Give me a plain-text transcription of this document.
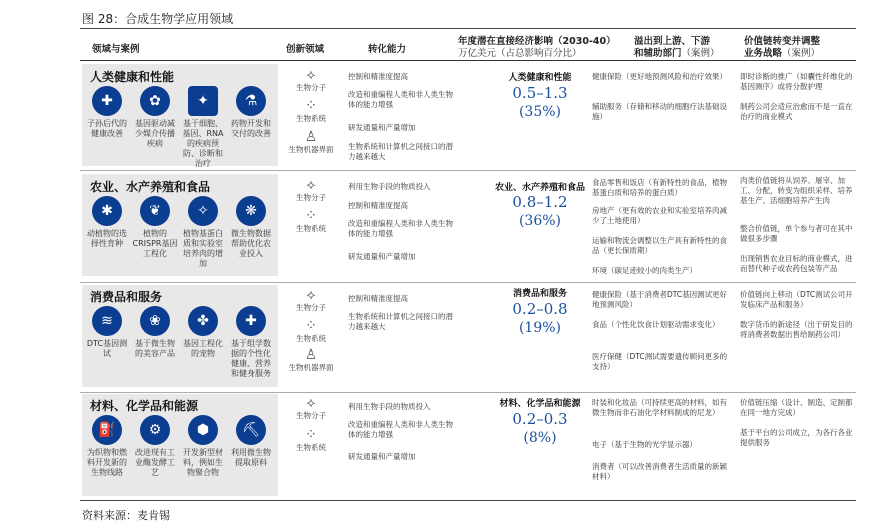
图 28：合成生物学应用领域
领域与案例	创新领域	转化能力
年度潜在直接经济影响（2030-40）
万亿美元（占总影响百分比）
溢出到上游、下游
和辅助部门（案例）
价值链转变并调整
业务战略（案例）
人类健康和性能
✚
子孙后代的健康改善
✿
基因驱动减少媒介传播疾病
✦
基于细胞、基因、RNA的疾病预防、诊断和治疗
⚗
药物开发和交付的改善
⟡
生物分子
⁘
生物系统
♙
生物机器界面
控制和精准度提高
改造和重编程人类和非人类生物体的能力增强
研发通量和产量增加
生物系统和计算机之间接口的潜力越来越大
人类健康和性能
0.5–1.3
(35%)
健康保险（更好地预测风险和治疗效果）
辅助服务（存储和移动的细胞疗法基础设施）
即时诊断的推广（如囊性纤维化的基因测序）或将分散护理
制药公司会适应治愈而不是一直在治疗的商业模式
农业、水产养殖和食品
✱
动植物的选择性育种
❦
植物的CRISPR基因工程化
✧
植物基蛋白质和实验室培养肉的增加
❋
微生物数据帮助优化农业投入
⟡
生物分子
⁘
生物系统
利用生物手段的物质投入
控制和精准度提高
改造和重编程人类和非人类生物体的能力增强
研发通量和产量增加
农业、水产养殖和食品
0.8–1.2
(36%)
食品零售和饭店（有新特性的食品，植物基蛋白质和培养的蛋白质）
房地产（更有效的农业和实验室培养肉减少了土地使用）
运输和物流会调整以生产具有新特性的食品（更长保质期）
环境（碳足迹较小的肉类生产）
肉类价值链将从饲养、屠宰、加工、分配，转变为组织采样、培养基生产、活细胞培养产生肉
整合价值链，单个参与者可在其中做很多步骤
出现销售农业目标的商业模式，进而替代种子或农药包装等产品
消费品和服务
≋
DTC基因测试
❀
基于微生物的美容产品
✤
基因工程化的宠物
✚
基于组学数据的个性化健康、营养和健身服务
⟡
生物分子
⁘
生物系统
♙
生物机器界面
控制和精准度提高
生物系统和计算机之间接口的潜力越来越大
消费品和服务
0.2–0.8
(19%)
健康保险（基于消费者DTC基因测试更好地预测风险）
食品（个性化饮食计划驱动需求变化）
医疗保健（DTC测试需要遗传顾问更多的支持）
价值链向上移动（DTC测试公司开发临床产品和服务）
数字货币的新途径（出于研发目的将消费者数据出售给制药公司）
材料、化学品和能源
⛽
为织物和燃料开发新的生物线路
⚙
改进现有工业酶发酵工艺
⬢
开发新型材料，例如生物聚合物
⛏
利用微生物提取原料
⟡
生物分子
⁘
生物系统
利用生物手段的物质投入
改造和重编程人类和非人类生物体的能力增强
研发通量和产量增加
材料、化学品和能源
0.2–0.3
(8%)
时装和化妆品（可持续更高的材料，如有微生物而非石油化学材料制成的尼龙）
电子（基于生物的光学显示器）
消费者（可以改善消费者生活质量的新颖材料）
价值链压缩（设计、制造、定制都在同一地方完成）
基于平台的公司成立，为各行各业提供服务
资料来源：麦肯锡
